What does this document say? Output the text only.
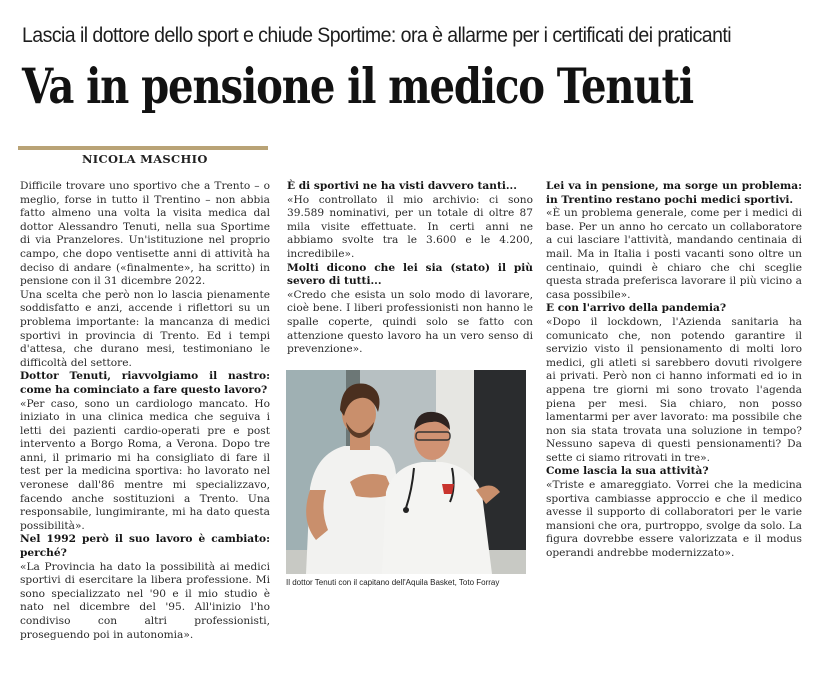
Lascia il dottore dello sport e chiude Sportime: ora è allarme per i certificati dei praticanti
Va in pensione il medico Tenuti
NICOLA MASCHIO

Difficile trovare uno sportivo che a Trento – o meglio, forse in tutto il Trentino – non abbia fatto almeno una volta la visita medica dal dottor Alessandro Tenuti, nella sua Sportime di via Pranzelores. Un'istituzione nel proprio campo, che dopo ventisette anni di attività ha deciso di andare («finalmente», ha scritto) in pensione con il 31 dicembre 2022.

Una scelta che però non lo lascia pienamente soddisfatto e anzi, accende i riflettori su un problema importante: la mancanza di medici sportivi in provincia di Trento. Ed i tempi d'attesa, che durano mesi, testimoniano le difficoltà del settore.

Dottor Tenuti, riavvolgiamo il nastro: come ha cominciato a fare questo lavoro?

«Per caso, sono un cardiologo mancato. Ho iniziato in una clinica medica che seguiva i letti dei pazienti cardio-operati pre e post intervento a Borgo Roma, a Verona. Dopo tre anni, il primario mi ha consigliato di fare il test per la medicina sportiva: ho lavorato nel veronese dall'86 mentre mi specializzavo, facendo anche sostituzioni a Trento. Una responsabile, lungimirante, mi ha dato questa possibilità».

Nel 1992 però il suo lavoro è cambiato: perché?

«La Provincia ha dato la possibilità ai medici sportivi di esercitare la libera professione. Mi sono specializzato nel '90 e il mio studio è nato nel dicembre del '95. All'inizio l'ho condiviso con altri professionisti, proseguendo poi in autonomia».

È di sportivi ne ha visti davvero tanti...

«Ho controllato il mio archivio: ci sono 39.589 nominativi, per un totale di oltre 87 mila visite effettuate. In certi anni ne abbiamo svolte tra le 3.600 e le 4.200, incredibile».

Molti dicono che lei sia (stato) il più severo di tutti...

«Credo che esista un solo modo di lavorare, cioè bene. I liberi professionisti non hanno le spalle coperte, quindi solo se fatto con attenzione questo lavoro ha un vero senso di prevenzione».

Lei va in pensione, ma sorge un problema: in Trentino restano pochi medici sportivi.

«È un problema generale, come per i medici di base. Per un anno ho cercato un collaboratore a cui lasciare l'attività, mandando centinaia di mail. Ma in Italia i posti vacanti sono oltre un centinaio, quindi è chiaro che chi sceglie questa strada preferisca lavorare il più vicino a casa possibile».

E con l'arrivo della pandemia?

«Dopo il lockdown, l'Azienda sanitaria ha comunicato che, non potendo garantire il servizio visto il pensionamento di molti loro medici, gli atleti si sarebbero dovuti rivolgere ai privati. Però non ci hanno informati ed io in appena tre giorni mi sono trovato l'agenda piena per mesi. Sia chiaro, non posso lamentarmi per aver lavorato: ma possibile che non sia stata trovata una soluzione in tempo? Nessuno sapeva di questi pensionamenti? Da sette ci siamo ritrovati in tre».

Come lascia la sua attività?

«Triste e amareggiato. Vorrei che la medicina sportiva cambiasse approccio e che il medico avesse il supporto di collaboratori per le varie mansioni che ora, purtroppo, svolge da solo. La figura dovrebbe essere valorizzata e il modus operandi andrebbe modernizzato».

Il dottor Tenuti con il capitano dell'Aquila Basket, Toto Forray
